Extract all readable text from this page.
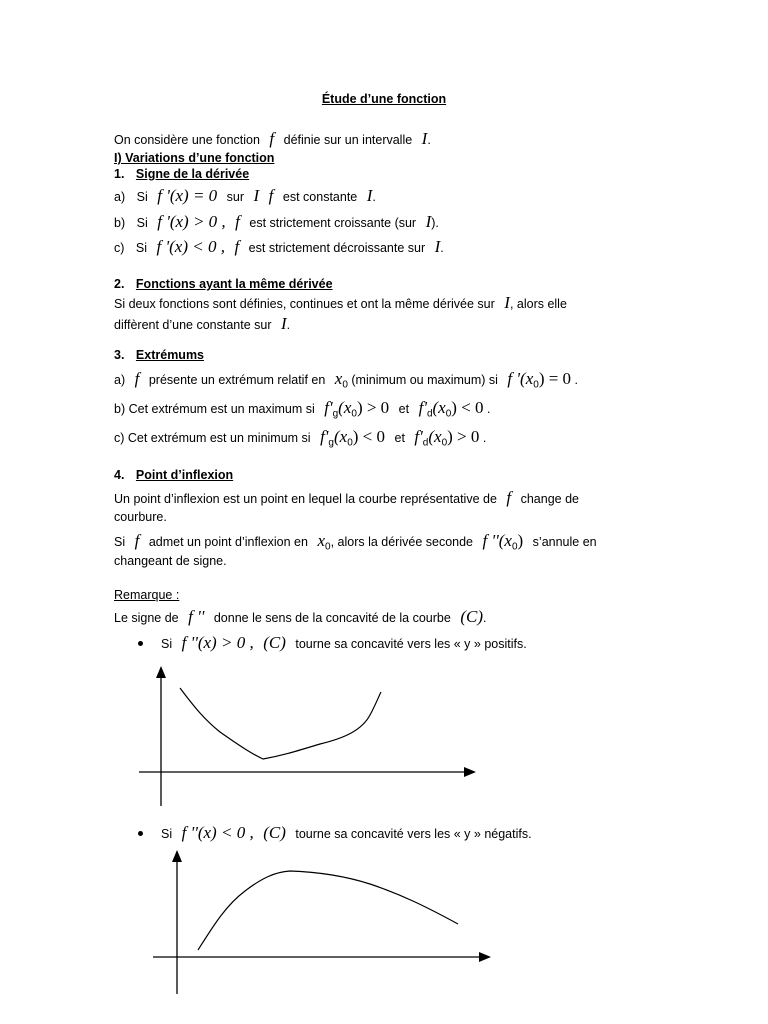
Étude d’une fonction
On considère une fonction f définie sur un intervalle I.
I) Variations d’une fonction
1. Signe de la dérivée
a) Si f '(x) = 0 sur I f est constante I.
b) Si f '(x) > 0 , f est strictement croissante (sur I).
c) Si f '(x) < 0 , f est strictement décroissante sur I.
2. Fonctions ayant la même dérivée
Si deux fonctions sont définies, continues et ont la même dérivée sur I, alors elle
diffèrent d’une constante sur I.
3. Extrémums
a) f présente un extrémum relatif en $x_0$ (minimum ou maximum) si f '$(x_0) = 0$ .
b) Cet extrémum est un maximum si $f'_g(x_0) > 0$ et $f'_d(x_0) < 0$ .
c) Cet extrémum est un minimum si $f'_g(x_0) < 0$ et $f'_d(x_0) > 0$ .
4. Point d’inflexion
Un point d’inflexion est un point en lequel la courbe représentative de f change de
courbure.
Si f admet un point d’inflexion en $x_0$, alors la dérivée seconde f ''$(x_0)$ s’annule en
changeant de signe.
Remarque :
Le signe de f '' donne le sens de la concavité de la courbe (C).
Si f ''(x) > 0 , (C) tourne sa concavité vers les « y » positifs.
Si f ''(x) < 0 , (C) tourne sa concavité vers les « y » négatifs.
